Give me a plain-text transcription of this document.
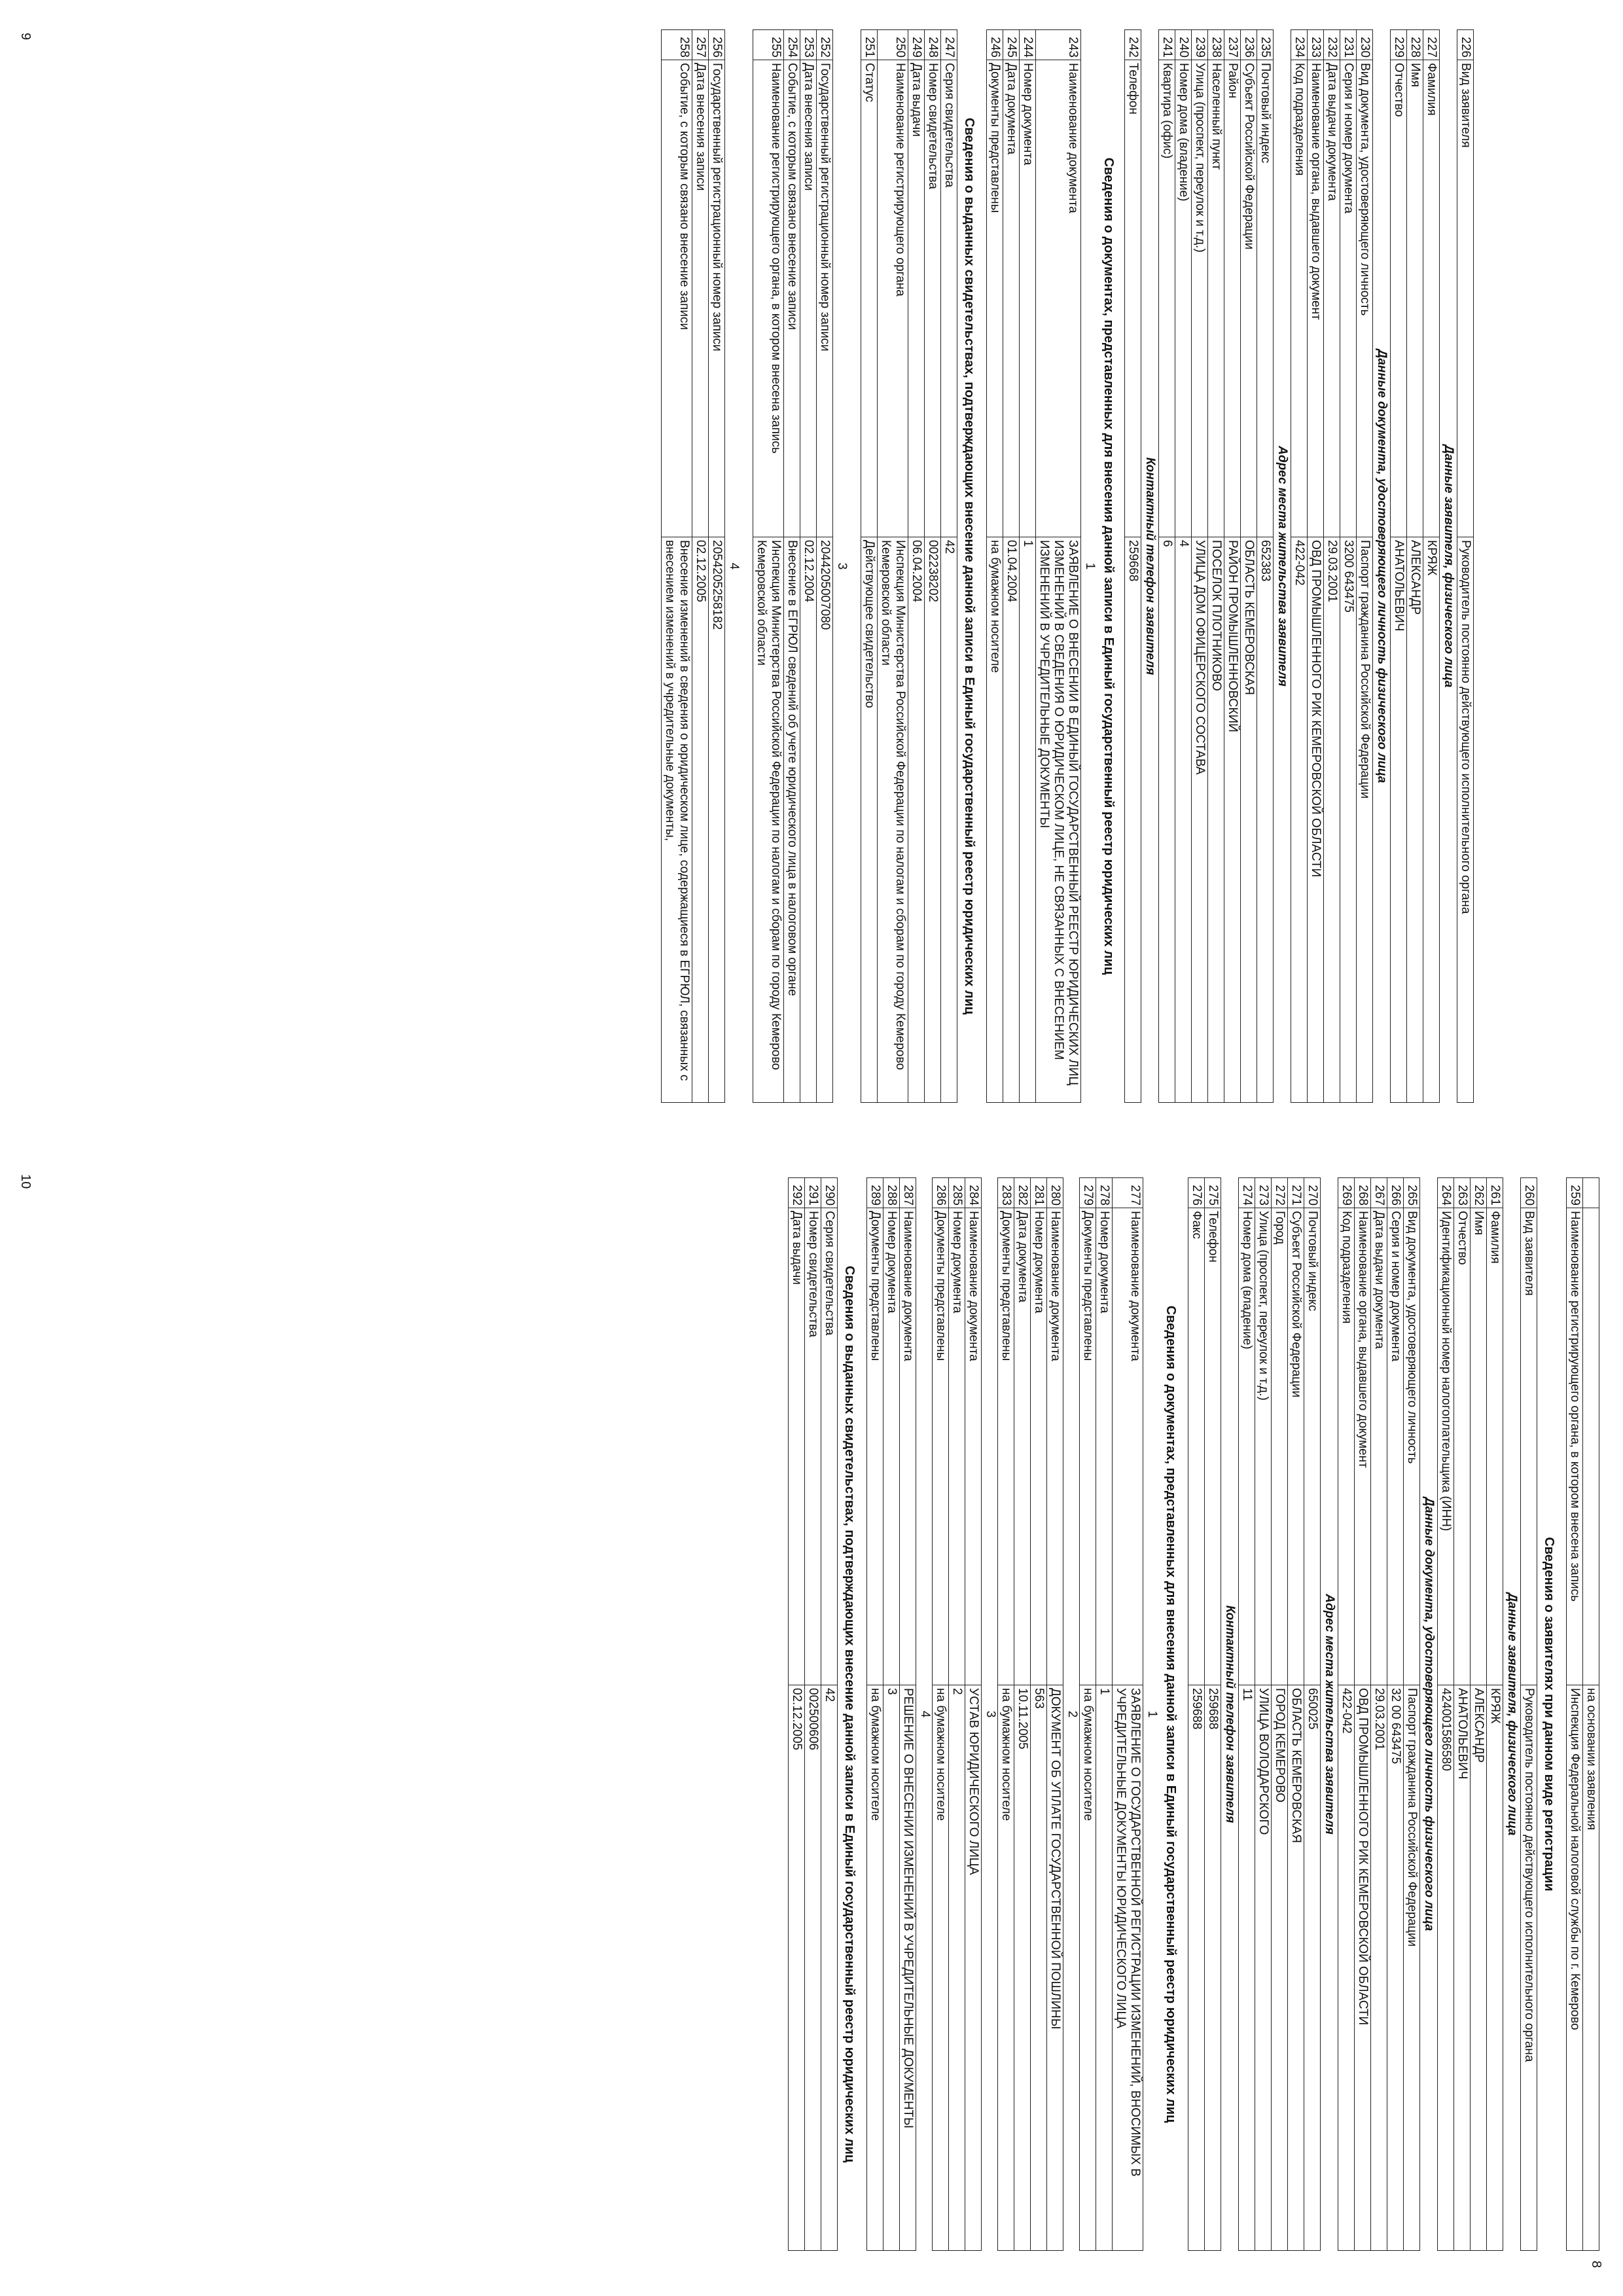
226	Вид заявителя	Руководитель постоянно действующего исполнительного органа
Данные заявителя, физического лица		
227	Фамилия	КРЯЖ
228	Имя	АЛЕКСАНДР
229	Отчество	АНАТОЛЬЕВИЧ
Данные документа, удостоверяющего личность физического лица		
230	Вид документа, удостоверяющего личность	Паспорт гражданина Российской Федерации
231	Серия и номер документа	3200 643475
232	Дата выдачи документа	29.03.2001
233	Наименование органа, выдавшего документ	ОВД ПРОМЫШЛЕННОГО РИК КЕМЕРОВСКОЙ ОБЛАСТИ
234	Код подразделения	422-042
Адрес места жительства заявителя		
235	Почтовый индекс	652383
236	Субъект Российской Федерации	ОБЛАСТЬ КЕМЕРОВСКАЯ
237	Район	РАЙОН ПРОМЫШЛЕННОВСКИЙ
238	Населенный пункт	ПОСЕЛОК ПЛОТНИКОВО
239	Улица (проспект, переулок и т.д.)	УЛИЦА ДОМ ОФИЦЕРСКОГО СОСТАВА
240	Номер дома (владение)	4
241	Квартира (офис)	6
Контактный телефон заявителя		
242	Телефон	259668
Сведения о документах, представленных для внесения данной записи в Единый государственный реестр юридических лиц
1
243	Наименование документа	ЗАЯВЛЕНИЕ О ВНЕСЕНИИ В ЕДИНЫЙ ГОСУДАРСТВЕННЫЙ РЕЕСТР ЮРИДИЧЕСКИХ ЛИЦ ИЗМЕНЕНИЙ В СВЕДЕНИЯ О ЮРИДИЧЕСКОМ ЛИЦЕ, НЕ СВЯЗАННЫХ С ВНЕСЕНИЕМ ИЗМЕНЕНИЙ В УЧРЕДИТЕЛЬНЫЕ ДОКУМЕНТЫ
244	Номер документа	1
245	Дата документа	01.04.2004
246	Документы представлены	на бумажном носителе
Сведения о выданных свидетельствах, подтверждающих внесение данной записи в Единый государственный реестр юридических лиц
247	Серия свидетельства	42
248	Номер свидетельства	002238202
249	Дата выдачи	06.04.2004
250	Наименование регистрирующего органа	Инспекция Министерства Российской Федерации по налогам и сборам по городу Кемерово Кемеровской области
251	Статус	Действующее свидетельство
3
252	Государственный регистрационный номер записи	2044205007080
253	Дата внесения записи	02.12.2004
254	Событие, с которым связано внесение записи	Внесение в ЕГРЮЛ сведений об учете юридического лица в налоговом органе
255	Наименование регистрирующего органа, в котором внесена запись	Инспекция Министерства Российской Федерации по налогам и сборам по городу Кемерово Кемеровской области
4
256	Государственный регистрационный номер записи	2054205258182
257	Дата внесения записи	02.12.2005
258	Событие, с которым связано внесение записи	Внесение изменений в сведения о юридическом лице, содержащиеся в ЕГРЮЛ, связанных с внесением изменений в учредительные документы,
9
8
		на основании заявления
259	Наименование регистрирующего органа, в котором внесена запись	Инспекция Федеральной налоговой службы по г. Кемерово
Сведения о заявителях при данном виде регистрации
260	Вид заявителя	Руководитель постоянно действующего исполнительного органа
Данные заявителя, физического лица		
261	Фамилия	КРЯЖ
262	Имя	АЛЕКСАНДР
263	Отчество	АНАТОЛЬЕВИЧ
264	Идентификационный номер налогоплательщика (ИНН)	424001586580
Данные документа, удостоверяющего личность физического лица		
265	Вид документа, удостоверяющего личность	Паспорт гражданина Российской Федерации
266	Серия и номер документа	32 00 643475
267	Дата выдачи документа	29.03.2001
268	Наименование органа, выдавшего документ	ОВД ПРОМЫШЛЕННОГО РИК КЕМЕРОВСКОЙ ОБЛАСТИ
269	Код подразделения	422-042
Адрес места жительства заявителя		
270	Почтовый индекс	650025
271	Субъект Российской Федерации	ОБЛАСТЬ КЕМЕРОВСКАЯ
272	Город	ГОРОД КЕМЕРОВО
273	Улица (проспект, переулок и т.д.)	УЛИЦА ВОЛОДАРСКОГО
274	Номер дома (владение)	11
Контактный телефон заявителя		
275	Телефон	259688
276	Факс	259688
Сведения о документах, представленных для внесения данной записи в Единый государственный реестр юридических лиц
1
277	Наименование документа	ЗАЯВЛЕНИЕ О ГОСУДАРСТВЕННОЙ РЕГИСТРАЦИИ ИЗМЕНЕНИЙ, ВНОСИМЫХ В УЧРЕДИТЕЛЬНЫЕ ДОКУМЕНТЫ ЮРИДИЧЕСКОГО ЛИЦА
278	Номер документа	1
279	Документы представлены	на бумажном носителе
2
280	Наименование документа	ДОКУМЕНТ ОБ УПЛАТЕ ГОСУДАРСТВЕННОЙ ПОШЛИНЫ
281	Номер документа	563
282	Дата документа	10.11.2005
283	Документы представлены	на бумажном носителе
3
284	Наименование документа	УСТАВ ЮРИДИЧЕСКОГО ЛИЦА
285	Номер документа	2
286	Документы представлены	на бумажном носителе
4
287	Наименование документа	РЕШЕНИЕ О ВНЕСЕНИИ ИЗМЕНЕНИЙ В УЧРЕДИТЕЛЬНЫЕ ДОКУМЕНТЫ
288	Номер документа	3
289	Документы представлены	на бумажном носителе
Сведения о выданных свидетельствах, подтверждающих внесение данной записи в Единый государственный реестр юридических лиц
290	Серия свидетельства	42
291	Номер свидетельства	002500606
292	Дата выдачи	02.12.2005
10
